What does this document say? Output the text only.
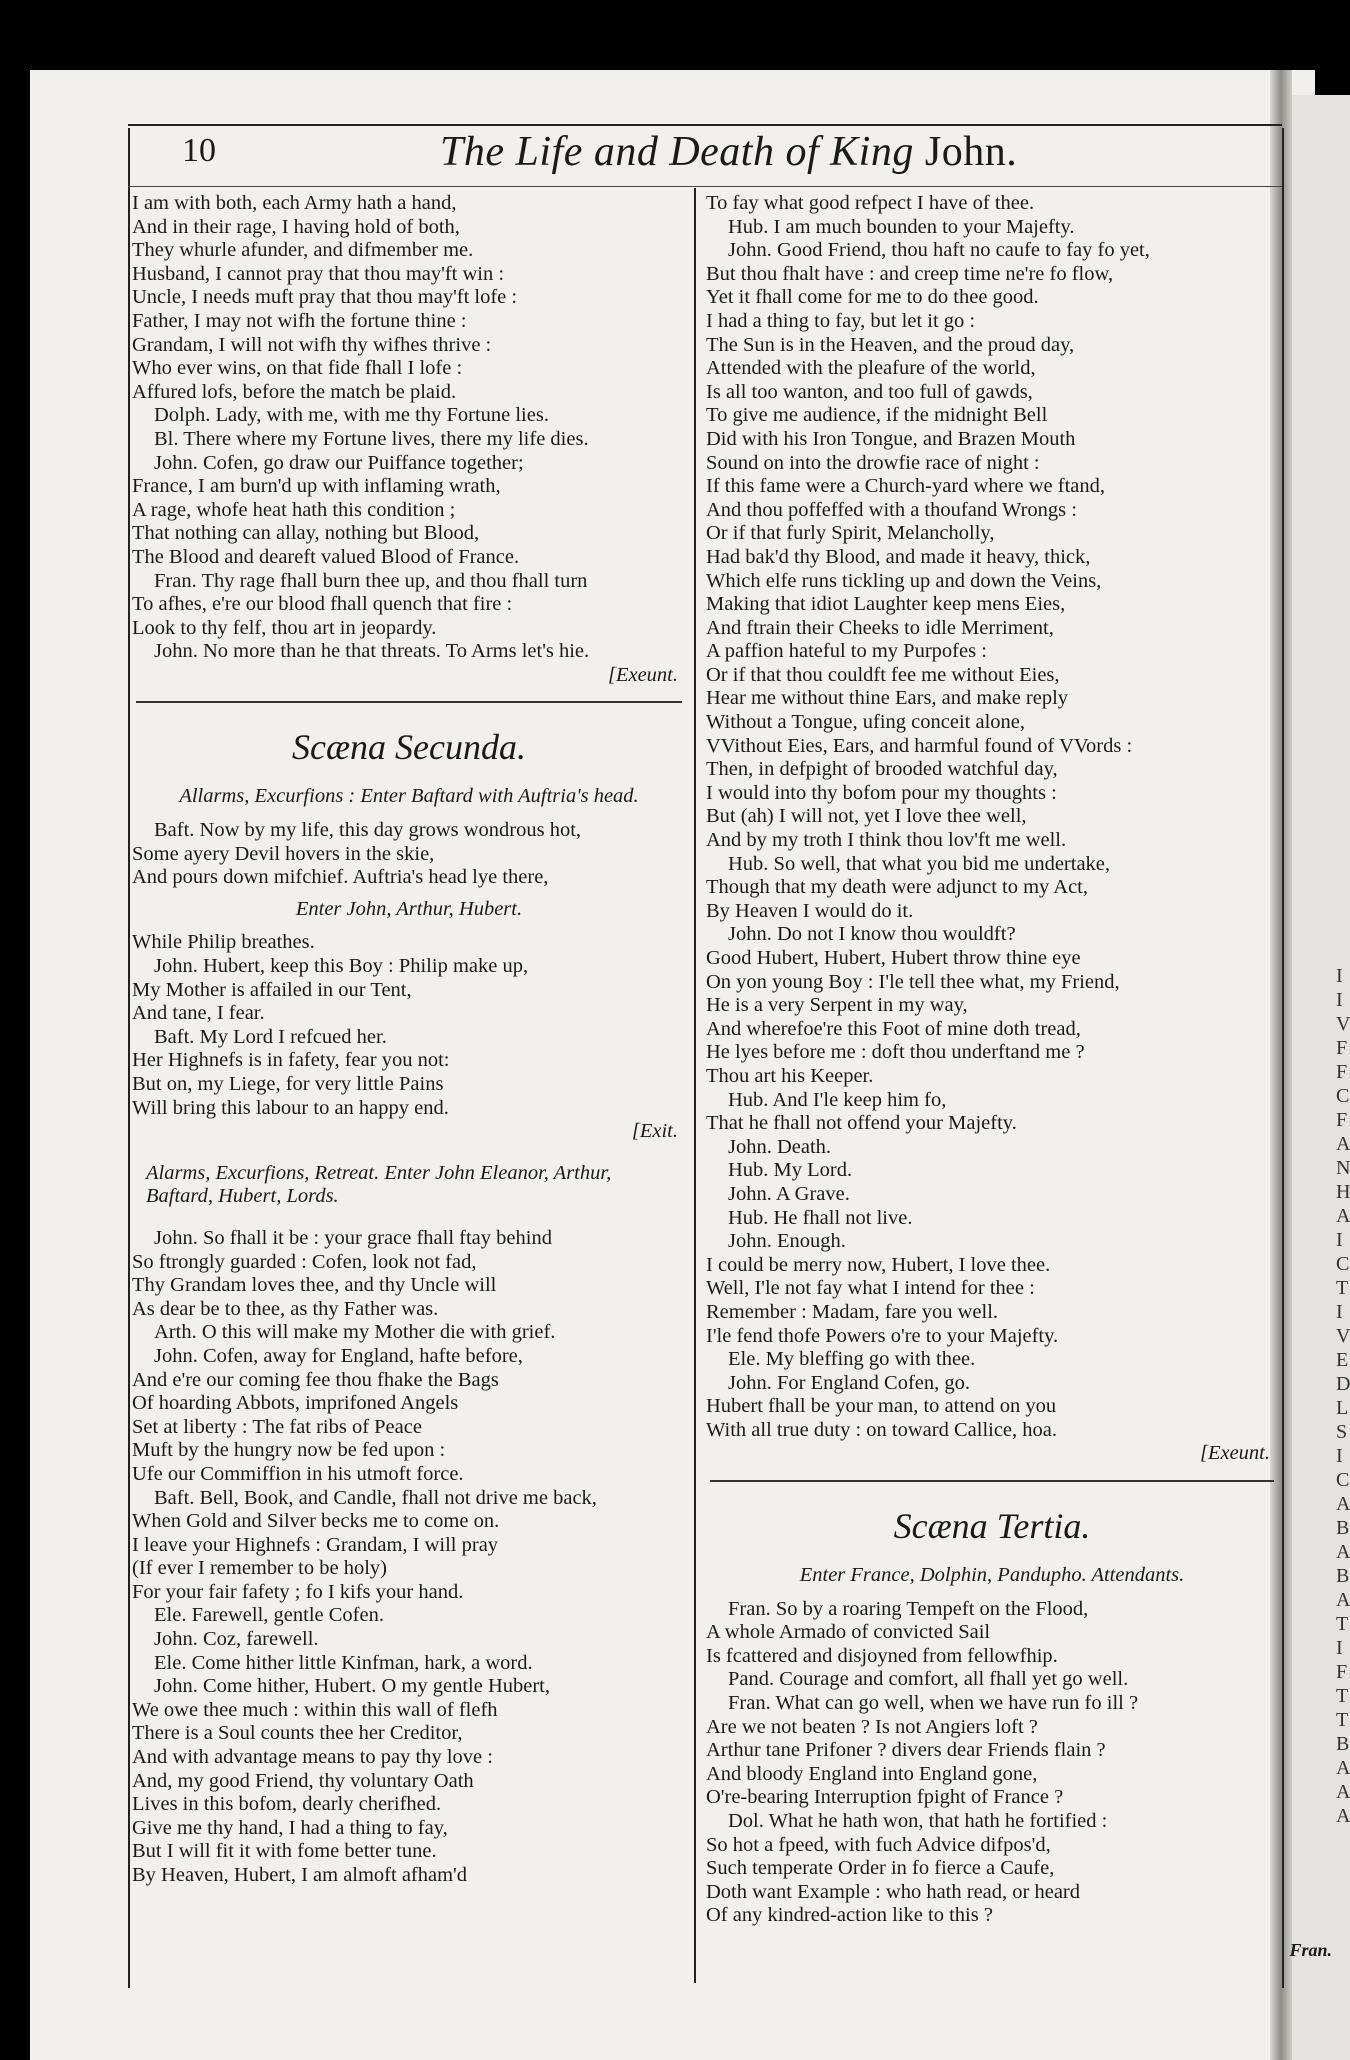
I
I
V
F
F
C
F
A
N
H
A
I
C
T
I
V
E
D
L
S
I
C
A
B
A
B
A
T
I
F
T
T
B
A
A
A
10	The Life and Death of King John.
I am with both, each Army hath a hand,
And in their rage, I having hold of both,
They whurle afunder, and difmember me.
Husband, I cannot pray that thou may'ft win :
Uncle, I needs muft pray that thou may'ft lofe :
Father, I may not wifh the fortune thine :
Grandam, I will not wifh thy wifhes thrive :
Who ever wins, on that fide fhall I lofe :
Affured lofs, before the match be plaid.
Dolph. Lady, with me, with me thy Fortune lies.
Bl. There where my Fortune lives, there my life dies.
John. Cofen, go draw our Puiffance together;
France, I am burn'd up with inflaming wrath,
A rage, whofe heat hath this condition ;
That nothing can allay, nothing but Blood,
The Blood and deareft valued Blood of France.
Fran. Thy rage fhall burn thee up, and thou fhall turn
To afhes, e're our blood fhall quench that fire :
Look to thy felf, thou art in jeopardy.
John. No more than he that threats. To Arms let's hie.
[Exeunt.
Scæna Secunda.
Allarms, Excurfions : Enter Baftard with Auftria's head.
Baft. Now by my life, this day grows wondrous hot,
Some ayery Devil hovers in the skie,
And pours down mifchief. Auftria's head lye there,
Enter John, Arthur, Hubert.
While Philip breathes.
John. Hubert, keep this Boy : Philip make up,
My Mother is affailed in our Tent,
And tane, I fear.
Baft. My Lord I refcued her.
Her Highnefs is in fafety, fear you not:
But on, my Liege, for very little Pains
Will bring this labour to an happy end.
[Exit.
Alarms, Excurfions, Retreat. Enter John Eleanor, Arthur,
Baftard, Hubert, Lords.
John. So fhall it be : your grace fhall ftay behind
So ftrongly guarded : Cofen, look not fad,
Thy Grandam loves thee, and thy Uncle will
As dear be to thee, as thy Father was.
Arth. O this will make my Mother die with grief.
John. Cofen, away for England, hafte before,
And e're our coming fee thou fhake the Bags
Of hoarding Abbots, imprifoned Angels
Set at liberty : The fat ribs of Peace
Muft by the hungry now be fed upon :
Ufe our Commiffion in his utmoft force.
Baft. Bell, Book, and Candle, fhall not drive me back,
When Gold and Silver becks me to come on.
I leave your Highnefs : Grandam, I will pray
(If ever I remember to be holy)
For your fair fafety ; fo I kifs your hand.
Ele. Farewell, gentle Cofen.
John. Coz, farewell.
Ele. Come hither little Kinfman, hark, a word.
John. Come hither, Hubert. O my gentle Hubert,
We owe thee much : within this wall of flefh
There is a Soul counts thee her Creditor,
And with advantage means to pay thy love :
And, my good Friend, thy voluntary Oath
Lives in this bofom, dearly cherifhed.
Give me thy hand, I had a thing to fay,
But I will fit it with fome better tune.
By Heaven, Hubert, I am almoft afham'd
To fay what good refpect I have of thee.
Hub. I am much bounden to your Majefty.
John. Good Friend, thou haft no caufe to fay fo yet,
But thou fhalt have : and creep time ne're fo flow,
Yet it fhall come for me to do thee good.
I had a thing to fay, but let it go :
The Sun is in the Heaven, and the proud day,
Attended with the pleafure of the world,
Is all too wanton, and too full of gawds,
To give me audience, if the midnight Bell
Did with his Iron Tongue, and Brazen Mouth
Sound on into the drowfie race of night :
If this fame were a Church-yard where we ftand,
And thou poffeffed with a thoufand Wrongs :
Or if that furly Spirit, Melancholly,
Had bak'd thy Blood, and made it heavy, thick,
Which elfe runs tickling up and down the Veins,
Making that idiot Laughter keep mens Eies,
And ftrain their Cheeks to idle Merriment,
A paffion hateful to my Purpofes :
Or if that thou couldft fee me without Eies,
Hear me without thine Ears, and make reply
Without a Tongue, ufing conceit alone,
VVithout Eies, Ears, and harmful found of VVords :
Then, in defpight of brooded watchful day,
I would into thy bofom pour my thoughts :
But (ah) I will not, yet I love thee well,
And by my troth I think thou lov'ft me well.
Hub. So well, that what you bid me undertake,
Though that my death were adjunct to my Act,
By Heaven I would do it.
John. Do not I know thou wouldft?
Good Hubert, Hubert, Hubert throw thine eye
On yon young Boy : I'le tell thee what, my Friend,
He is a very Serpent in my way,
And wherefoe're this Foot of mine doth tread,
He lyes before me : doft thou underftand me ?
Thou art his Keeper.
Hub. And I'le keep him fo,
That he fhall not offend your Majefty.
John. Death.
Hub. My Lord.
John. A Grave.
Hub. He fhall not live.
John. Enough.
I could be merry now, Hubert, I love thee.
Well, I'le not fay what I intend for thee :
Remember : Madam, fare you well.
I'le fend thofe Powers o're to your Majefty.
Ele. My bleffing go with thee.
John. For England Cofen, go.
Hubert fhall be your man, to attend on you
With all true duty : on toward Callice, hoa.
[Exeunt.
Scæna Tertia.
Enter France, Dolphin, Pandupho. Attendants.
Fran. So by a roaring Tempeft on the Flood,
A whole Armado of convicted Sail
Is fcattered and disjoyned from fellowfhip.
Pand. Courage and comfort, all fhall yet go well.
Fran. What can go well, when we have run fo ill ?
Are we not beaten ? Is not Angiers loft ?
Arthur tane Prifoner ? divers dear Friends flain ?
And bloody England into England gone,
O're-bearing Interruption fpight of France ?
Dol. What he hath won, that hath he fortified :
So hot a fpeed, with fuch Advice difpos'd,
Such temperate Order in fo fierce a Caufe,
Doth want Example : who hath read, or heard
Of any kindred-action like to this ?
Fran.
